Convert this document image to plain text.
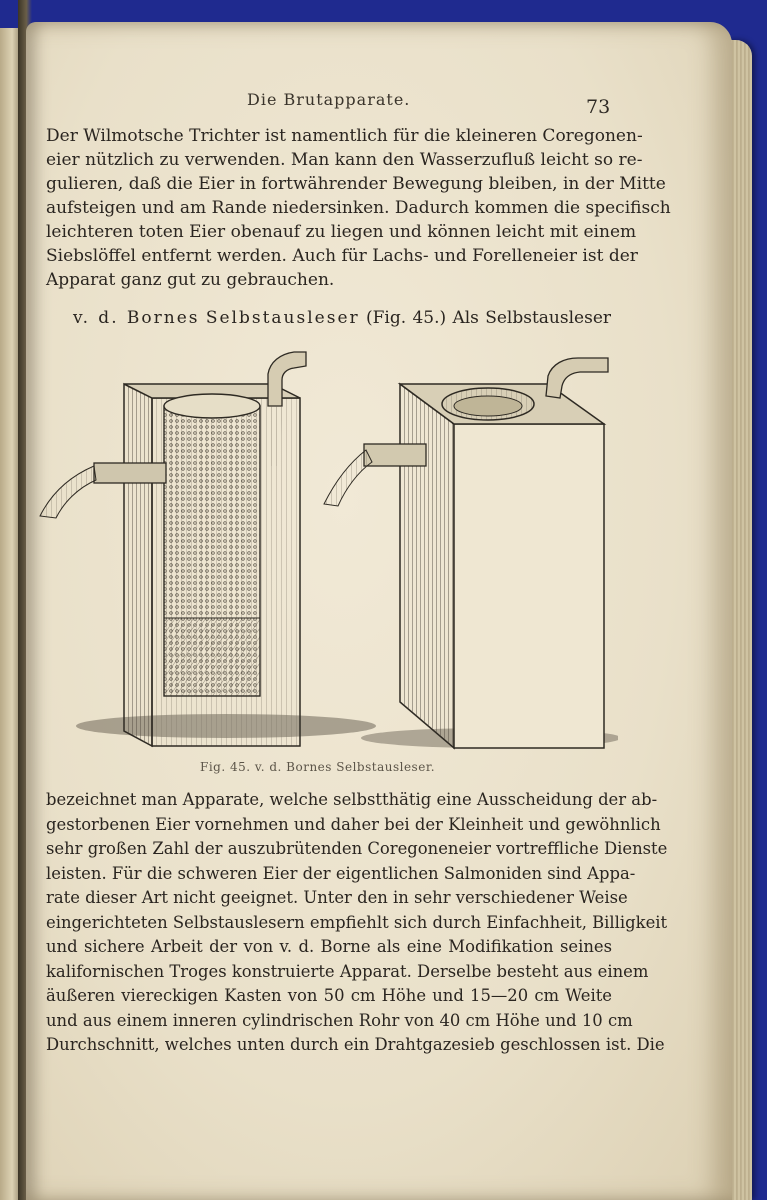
Die Brutapparate.	73
Der Wilmotsche Trichter ist namentlich für die kleineren Coregonen-
eier nützlich zu verwenden. Man kann den Wasserzufluß leicht so re-
gulieren, daß die Eier in fortwährender Bewegung bleiben, in der Mitte
aufsteigen und am Rande niedersinken. Dadurch kommen die specifisch
leichteren toten Eier obenauf zu liegen und können leicht mit einem
Siebslöffel entfernt werden. Auch für Lachs- und Forelleneier ist der
Apparat ganz gut zu gebrauchen.
v. d. Bornes Selbstausleser (Fig. 45.) Als Selbstausleser
Fig. 45. v. d. Bornes Selbstausleser.
bezeichnet man Apparate, welche selbstthätig eine Ausscheidung der ab-
gestorbenen Eier vornehmen und daher bei der Kleinheit und gewöhnlich
sehr großen Zahl der auszubrütenden Coregoneneier vortreffliche Dienste
leisten. Für die schweren Eier der eigentlichen Salmoniden sind Appa-
rate dieser Art nicht geeignet. Unter den in sehr verschiedener Weise
eingerichteten Selbstauslesern empfiehlt sich durch Einfachheit, Billigkeit
und sichere Arbeit der von v. d. Borne als eine Modifikation seines
kalifornischen Troges konstruierte Apparat. Derselbe besteht aus einem
äußeren viereckigen Kasten von 50 cm Höhe und 15—20 cm Weite
und aus einem inneren cylindrischen Rohr von 40 cm Höhe und 10 cm
Durchschnitt, welches unten durch ein Drahtgazesieb geschlossen ist. Die
